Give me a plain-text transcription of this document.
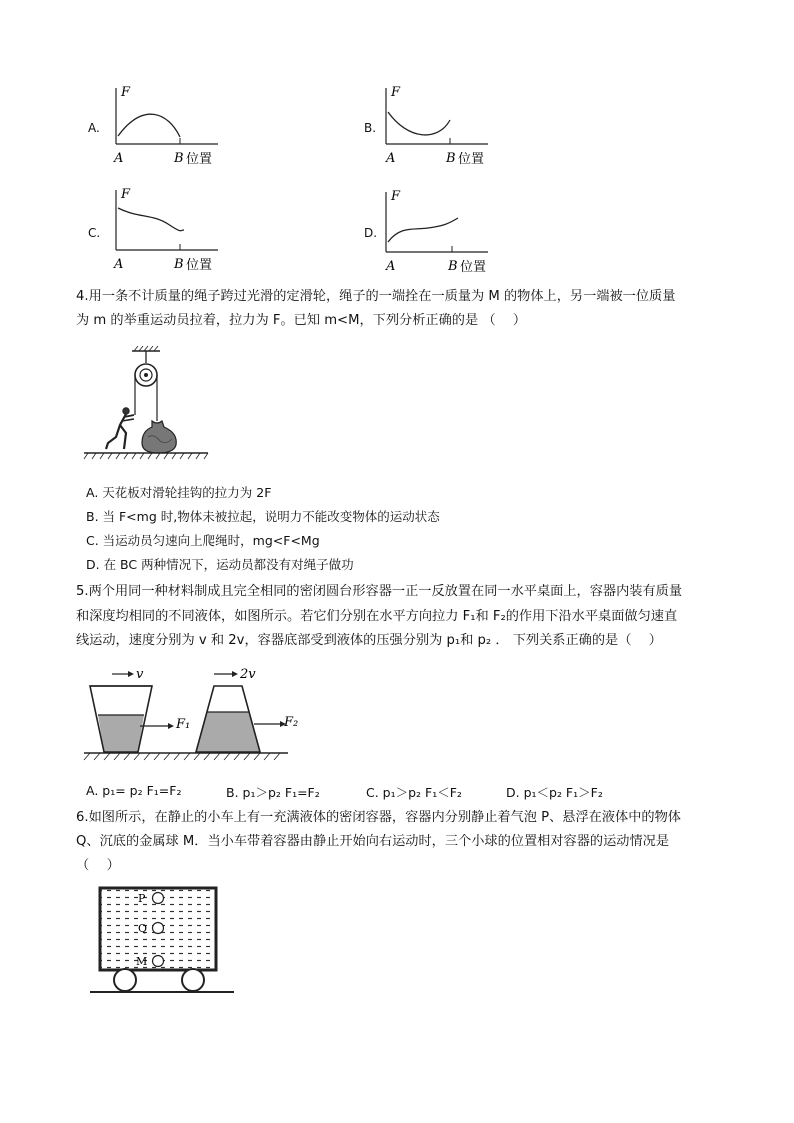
A.
F
A	B 位置
B.
F
A	B 位置
C.
F
A	B 位置
D.
F
A	B 位置
4.用一条不计质量的绳子跨过光滑的定滑轮，绳子的一端拴在一质量为 M 的物体上，另一端被一位质量
为 m 的举重运动员拉着，拉力为 F。已知 m<M，下列分析正确的是 （　 ）
A. 天花板对滑轮挂钩的拉力为 2F
B. 当 F<mg 时,物体未被拉起，说明力不能改变物体的运动状态
C. 当运动员匀速向上爬绳时，mg<F<Mg
D. 在 BC 两种情况下，运动员都没有对绳子做功
5.两个用同一种材料制成且完全相同的密闭圆台形容器一正一反放置在同一水平桌面上，容器内装有质量
和深度均相同的不同液体，如图所示。若它们分别在水平方向拉力 F₁和 F₂的作用下沿水平桌面做匀速直
线运动，速度分别为 v 和 2v，容器底部受到液体的压强分别为 p₁和 p₂ ． 下列关系正确的是（　 ）
v
F₁
2v
F₂
A. p₁= p₂ F₁=F₂	B. p₁＞p₂ F₁=F₂	C. p₁＞p₂ F₁＜F₂	D. p₁＜p₂ F₁＞F₂
6.如图所示，在静止的小车上有一充满液体的密闭容器，容器内分别静止着气泡 P、悬浮在液体中的物体
Q、沉底的金属球 M．当小车带着容器由静止开始向右运动时，三个小球的位置相对容器的运动情况是
（　 ）
P
Q
M
